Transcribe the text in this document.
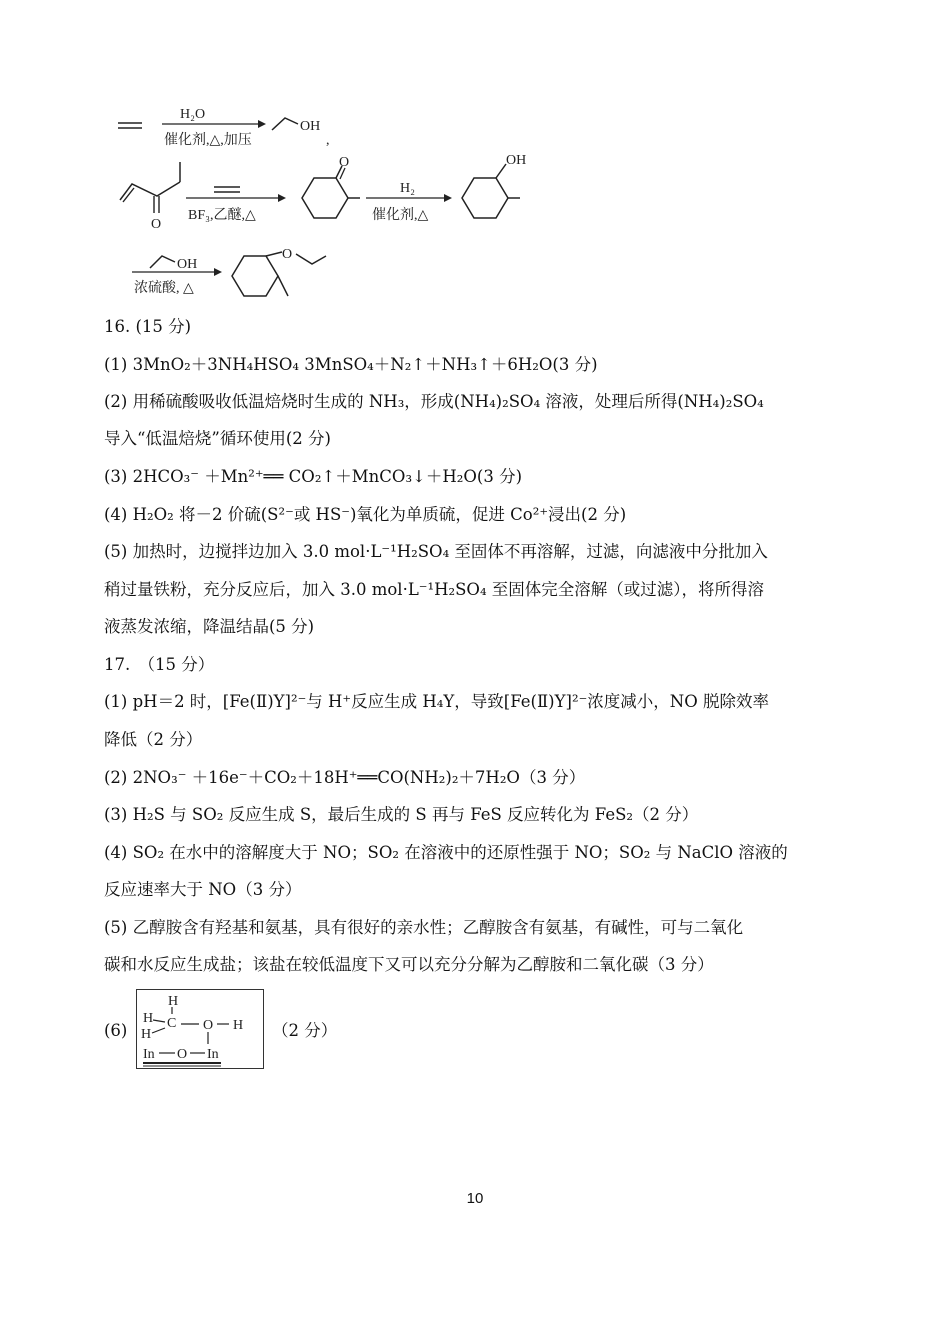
H₂O
催化剂,△,加压
OH
,
O
BF₃,乙醚,△
O
H₂
催化剂,△
OH
OH
浓硫酸, △
O
16. (15 分)
(1) 3MnO₂＋3NH₄HSO₄ 3MnSO₄＋N₂↑＋NH₃↑＋6H₂O(3 分)
(2) 用稀硫酸吸收低温焙烧时生成的 NH₃，形成(NH₄)₂SO₄ 溶液，处理后所得(NH₄)₂SO₄
导入“低温焙烧”循环使用(2 分)
(3) 2HCO₃⁻ ＋Mn²⁺══ CO₂↑＋MnCO₃↓＋H₂O(3 分)
(4) H₂O₂ 将－2 价硫(S²⁻或 HS⁻)氧化为单质硫，促进 Co²⁺浸出(2 分)
(5) 加热时，边搅拌边加入 3.0 mol·L⁻¹H₂SO₄ 至固体不再溶解，过滤，向滤液中分批加入
稍过量铁粉，充分反应后，加入 3.0 mol·L⁻¹H₂SO₄ 至固体完全溶解（或过滤），将所得溶
液蒸发浓缩，降温结晶(5 分)
17.　（15 分）
(1) pH＝2 时，[Fe(Ⅱ)Y]²⁻与 H⁺反应生成 H₄Y，导致[Fe(Ⅱ)Y]²⁻浓度减小，NO 脱除效率
降低（2 分）
(2) 2NO₃⁻ ＋16e⁻＋CO₂＋18H⁺══CO(NH₂)₂＋7H₂O（3 分）
(3) H₂S 与 SO₂ 反应生成 S，最后生成的 S 再与 FeS 反应转化为 FeS₂（2 分）
(4) SO₂ 在水中的溶解度大于 NO；SO₂ 在溶液中的还原性强于 NO；SO₂ 与 NaClO 溶液的
反应速率大于 NO（3 分）
(5) 乙醇胺含有羟基和氨基，具有很好的亲水性；乙醇胺含有氨基，有碱性，可与二氧化
碳和水反应生成盐；该盐在较低温度下又可以充分分解为乙醇胺和二氧化碳（3 分）
(6)
H
H C
H
O H
In O In
（2 分）
10
